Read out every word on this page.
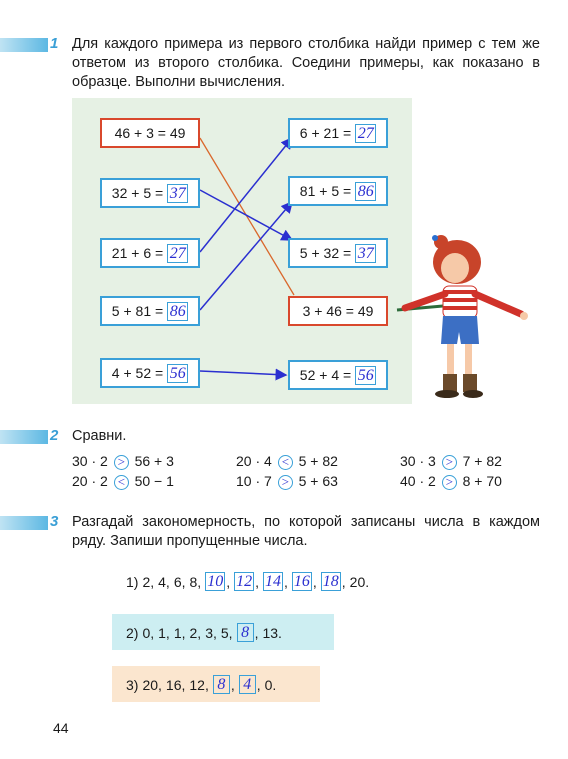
1 Для каждого примера из первого столбика найди пример с тем же ответом из второго столбика. Соедини примеры, как показано в образце. Выполни вычисления.
46 + 3 = 49
32 + 5 = 37
21 + 6 = 27
5 + 81 = 86
4 + 52 = 56
6 + 21 = 27
81 + 5 = 86
5 + 32 = 37
3 + 46 = 49
52 + 4 = 56
2 Сравни.
30 · 2 > 56 + 3	20 · 4 < 5 + 82	30 · 3 > 7 + 82
20 · 2 < 50 − 1	10 · 7 > 5 + 63	40 · 2 > 8 + 70
3 Разгадай закономерность, по которой записаны числа в каждом ряду. Запиши пропущенные числа.
1) 2, 4, 6, 8, 10 , 12 , 14 , 16 , 18 , 20.
2) 0, 1, 1, 2, 3, 5, 8 , 13.
3) 20, 16, 12, 8 , 4 , 0.
44
